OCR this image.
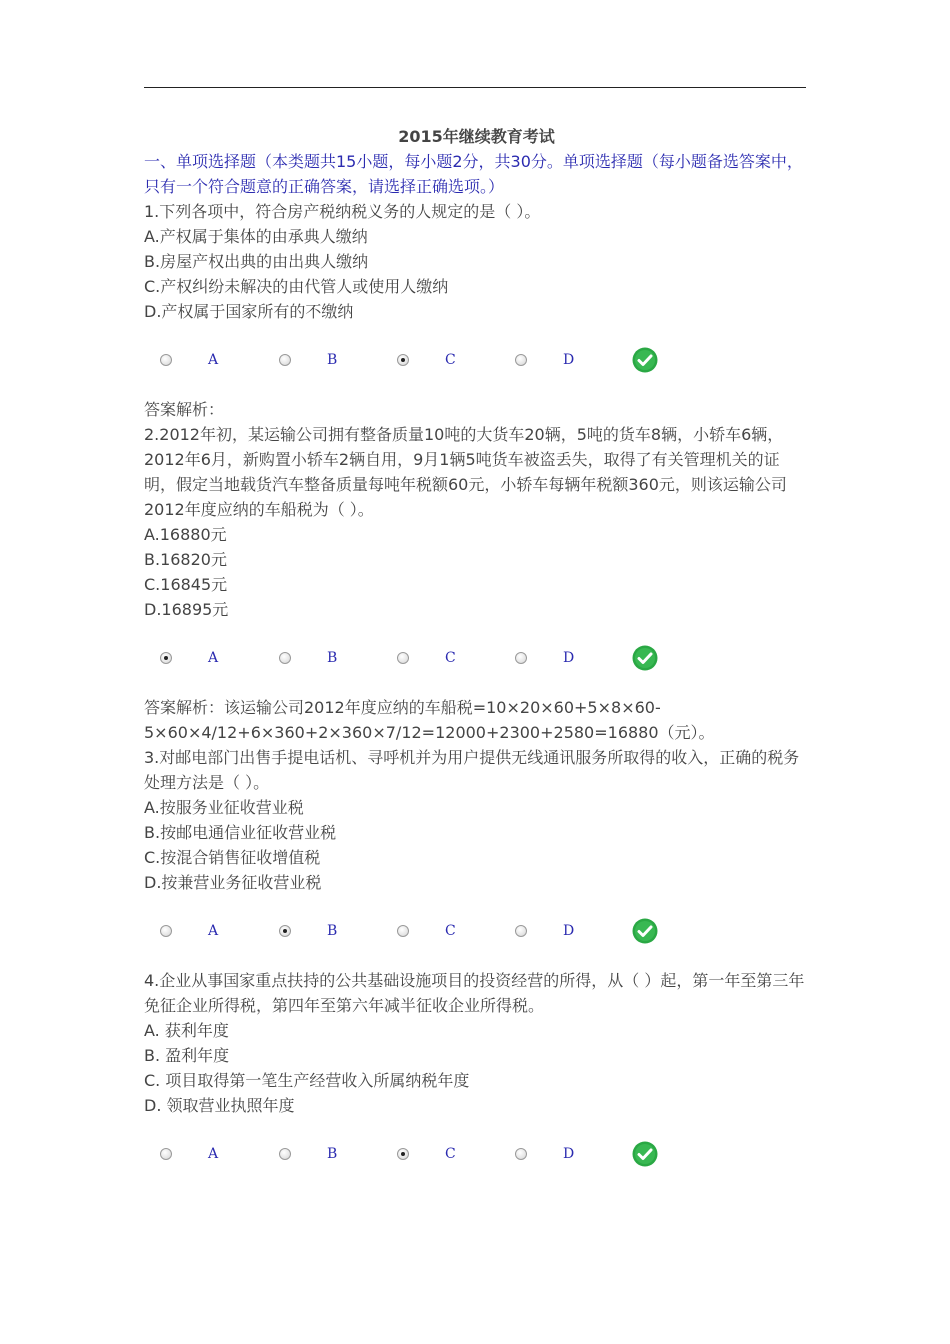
2015年继续教育考试
一、单项选择题（本类题共15小题，每小题2分，共30分。单项选择题（每小题备选答案中，只有一个符合题意的正确答案，请选择正确选项。）
1.下列各项中，符合房产税纳税义务的人规定的是（ ）。
A.产权属于集体的由承典人缴纳
B.房屋产权出典的由出典人缴纳
C.产权纠纷未解决的由代管人或使用人缴纳
D.产权属于国家所有的不缴纳
A	B	C	D
答案解析：
2.2012年初，某运输公司拥有整备质量10吨的大货车20辆，5吨的货车8辆，小轿车6辆，2012年6月，新购置小轿车2辆自用，9月1辆5吨货车被盗丢失，取得了有关管理机关的证明，假定当地载货汽车整备质量每吨年税额60元，小轿车每辆年税额360元，则该运输公司2012年度应纳的车船税为（ ）。
A.16880元
B.16820元
C.16845元
D.16895元
A	B	C	D
答案解析：该运输公司2012年度应纳的车船税=10×20×60+5×8×60-5×60×4/12+6×360+2×360×7/12=12000+2300+2580=16880（元）。
3.对邮电部门出售手提电话机、寻呼机并为用户提供无线通讯服务所取得的收入，正确的税务处理方法是（ ）。
A.按服务业征收营业税
B.按邮电通信业征收营业税
C.按混合销售征收增值税
D.按兼营业务征收营业税
A	B	C	D
4.企业从事国家重点扶持的公共基础设施项目的投资经营的所得，从（ ）起，第一年至第三年免征企业所得税，第四年至第六年减半征收企业所得税。
A. 获利年度
B. 盈利年度
C. 项目取得第一笔生产经营收入所属纳税年度
D. 领取营业执照年度
A	B	C	D
